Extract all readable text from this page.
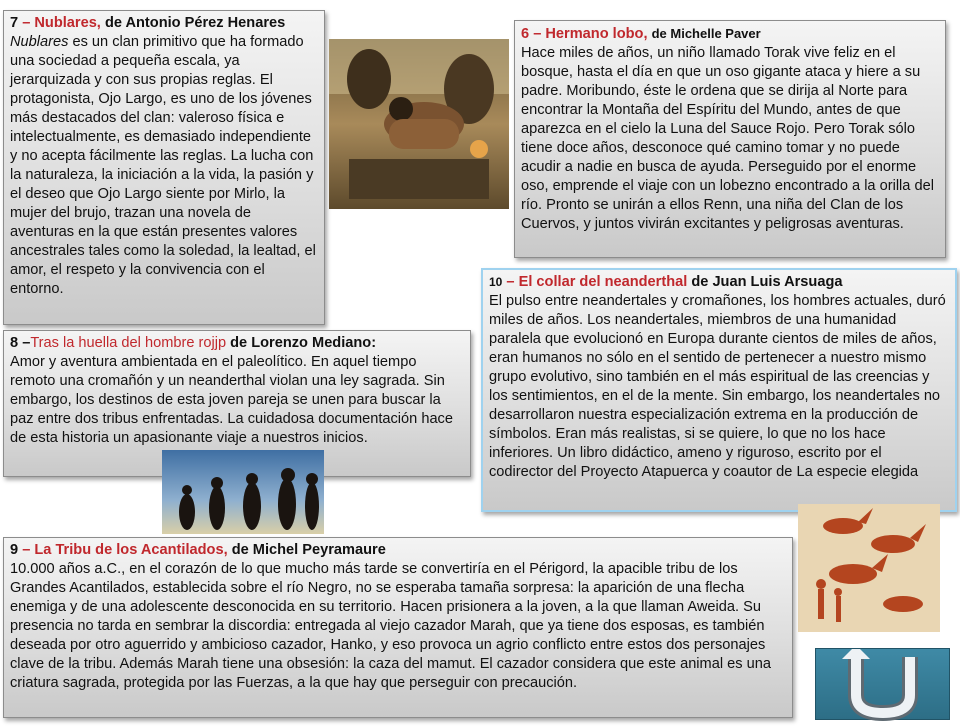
7 – Nublares, de Antonio Pérez Henares

Nublares es un clan primitivo que ha formado una sociedad a pequeña escala, ya jerarquizada y con sus propias reglas. El protagonista, Ojo Largo, es uno de los jóvenes más destacados del clan: valeroso física e intelectualmente, es demasiado independiente y no acepta fácilmente las reglas. La lucha con la naturaleza, la iniciación a la vida, la pasión y el deseo que Ojo Largo siente por Mirlo, la mujer del brujo, trazan una novela de aventuras en la que están presentes valores ancestrales tales como la soledad, la lealtad, el amor, el respeto y la convivencia con el entorno.

6 – Hermano lobo, de Michelle Paver

Hace miles de años, un niño llamado Torak vive feliz en el bosque, hasta el día en que un oso gigante ataca y hiere a su padre. Moribundo, éste le ordena que se dirija al Norte para encontrar la Montaña del Espíritu del Mundo, antes de que aparezca en el cielo la Luna del Sauce Rojo. Pero Torak sólo tiene doce años, desconoce qué camino tomar y no puede acudir a nadie en busca de ayuda. Perseguido por el enorme oso, emprende el viaje con un lobezno encontrado a la orilla del río. Pronto se unirán a ellos Renn, una niña del Clan de los Cuervos, y juntos vivirán excitantes y peligrosas aventuras.

8 –Tras la huella del hombre rojjp de Lorenzo Mediano:

Amor y aventura ambientada en el paleolítico. En aquel tiempo remoto una cromañón y un neanderthal violan una ley sagrada. Sin embargo, los destinos de esta joven pareja se unen para buscar la paz entre dos tribus enfrentadas. La cuidadosa documentación hace de esta historia un apasionante viaje a nuestros inicios.

10 – El collar del neanderthal de Juan Luis Arsuaga

El pulso entre neandertales y cromañones, los hombres actuales, duró miles de años. Los neandertales, miembros de una humanidad paralela que evolucionó en Europa durante cientos de miles de años, eran humanos no sólo en el sentido de pertenecer a nuestro mismo grupo evolutivo, sino también en el más espiritual de las creencias y los sentimientos, en el de la mente. Sin embargo, los neandertales no desarrollaron nuestra especialización extrema en la producción de símbolos. Eran más realistas, si se quiere, lo que no los hace inferiores. Un libro didáctico, ameno y riguroso, escrito por el codirector del Proyecto Atapuerca y coautor de La especie elegida

9 – La Tribu de los Acantilados, de Michel Peyramaure

10.000 años a.C., en el corazón de lo que mucho más tarde se convertiría en el Périgord, la apacible tribu de los Grandes Acantilados, establecida sobre el río Negro, no se esperaba tamaña sorpresa: la aparición de una flecha enemiga y de una adolescente desconocida en su territorio. Hacen prisionera a la joven, a la que llaman Aweida. Su presencia no tarda en sembrar la discordia: entregada al viejo cazador Marah, que ya tiene dos esposas, es también deseada por otro aguerrido y ambicioso cazador, Hanko, y eso provoca un agrio conflicto entre estos dos personajes clave de la tribu. Además Marah tiene una obsesión: la caza del mamut. El cazador considera que este animal es una criatura sagrada, protegida por las Fuerzas, a la que hay que perseguir con precaución.
